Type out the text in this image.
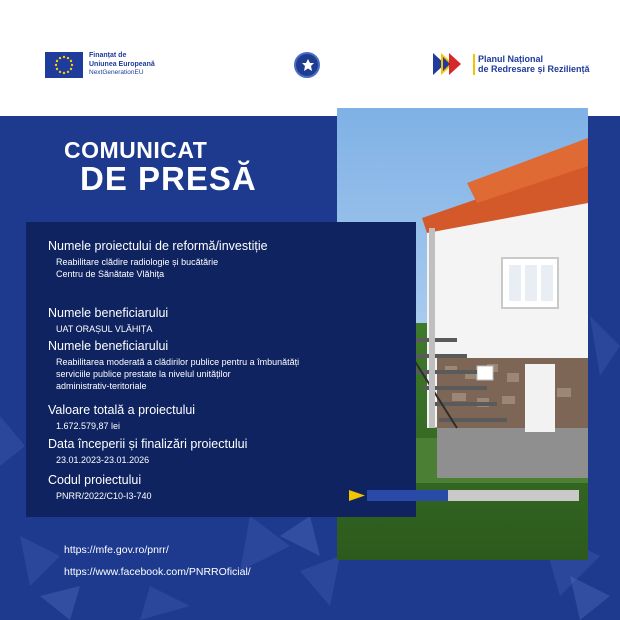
Finanțat de
Uniunea Europeană
NextGenerationEU
Planul Național
de Redresare și Reziliență
COMUNICAT
DE PRESĂ
Numele proiectului de reformă/investiție
Reabilitare clădire radiologie și bucătărie
Centru de Sănătate Vlăhița
Numele beneficiarului
UAT ORAȘUL VLĂHIȚA
Numele beneficiarului
Reabilitarea moderată a clădirilor publice pentru a îmbunătăți
serviciile publice prestate la nivelul unităților
administrativ-teritoriale
Valoare totală a proiectului
1.672.579,87 lei
Data începerii și finalizări proiectului
23.01.2023-23.01.2026
Codul proiectului
PNRR/2022/C10-I3-740
https://mfe.gov.ro/pnrr/
https://www.facebook.com/PNRROficial/
